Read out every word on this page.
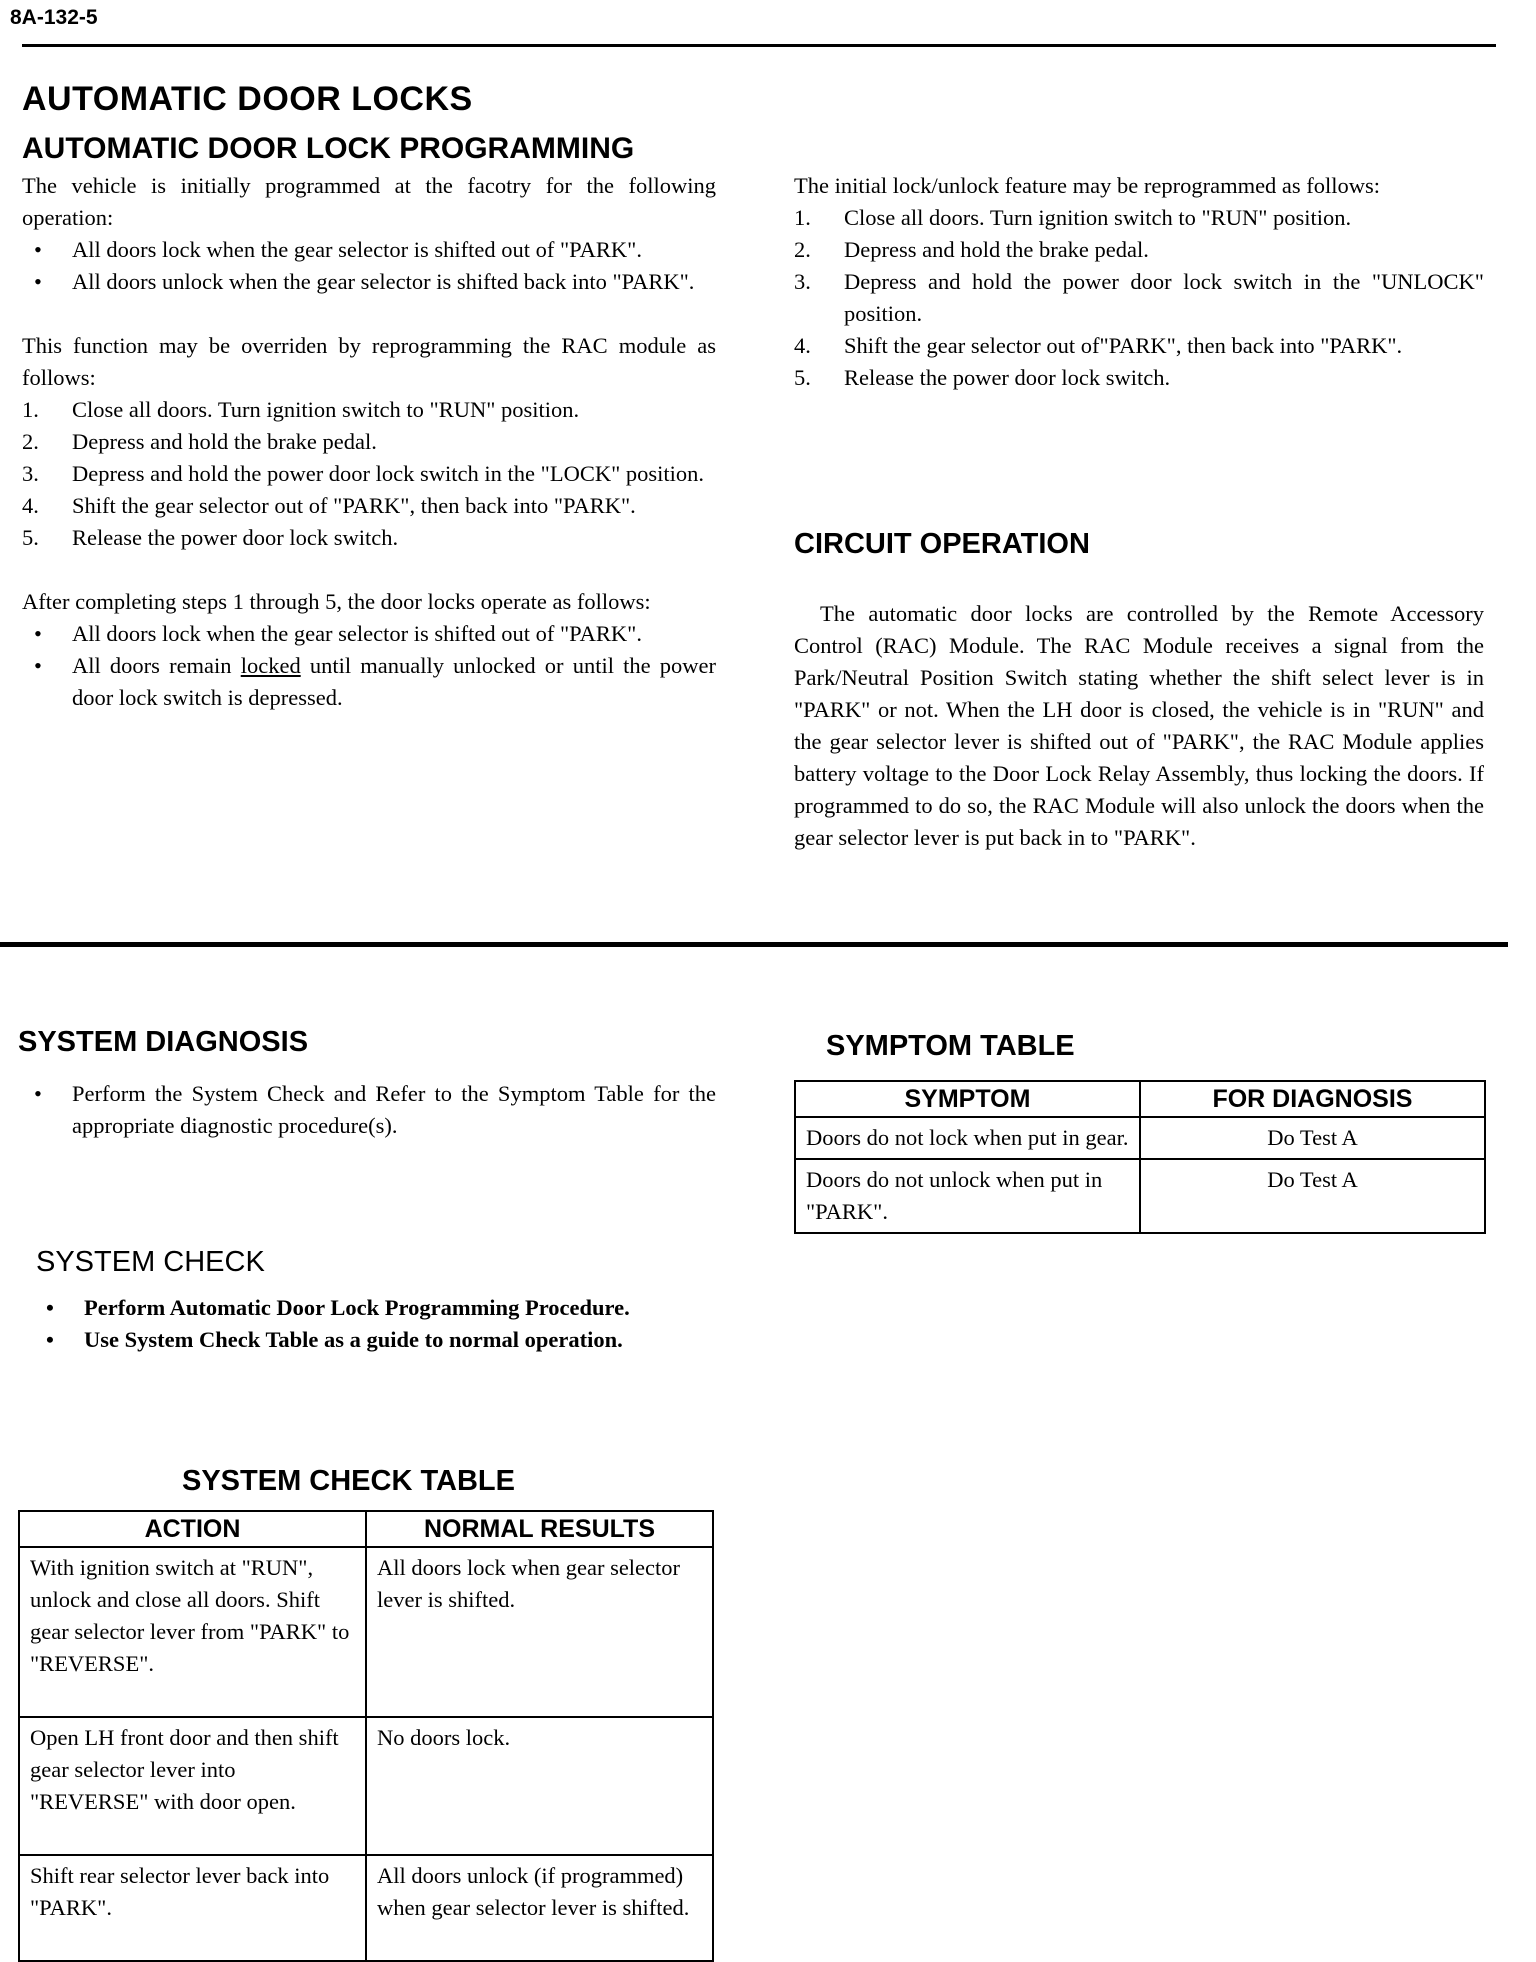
8A-132-5
AUTOMATIC DOOR LOCKS
AUTOMATIC DOOR LOCK PROGRAMMING

The vehicle is initially programmed at the facotry for the following operation:

• All doors lock when the gear selector is shifted out of "PARK".
• All doors unlock when the gear selector is shifted back into "PARK".

This function may be overriden by reprogramming the RAC module as follows:

1. Close all doors. Turn ignition switch to "RUN" position.
2. Depress and hold the brake pedal.
3. Depress and hold the power door lock switch in the "LOCK" position.
4. Shift the gear selector out of "PARK", then back into "PARK".
5. Release the power door lock switch.

After completing steps 1 through 5, the door locks operate as follows:

• All doors lock when the gear selector is shifted out of "PARK".
• All doors remain locked until manually unlocked or until the power door lock switch is depressed.

The initial lock/unlock feature may be reprogrammed as follows:

1. Close all doors. Turn ignition switch to "RUN" position.
2. Depress and hold the brake pedal.
3. Depress and hold the power door lock switch in the "UNLOCK" position.
4. Shift the gear selector out of"PARK", then back into "PARK".
5. Release the power door lock switch.
CIRCUIT OPERATION
The automatic door locks are controlled by the Remote Accessory Control (RAC) Module. The RAC Module receives a signal from the Park/Neutral Position Switch stating whether the shift select lever is in "PARK" or not. When the LH door is closed, the vehicle is in "RUN" and the gear selector lever is shifted out of "PARK", the RAC Module applies battery voltage to the Door Lock Relay Assembly, thus locking the doors. If programmed to do so, the RAC Module will also unlock the doors when the gear selector lever is put back in to "PARK".
SYSTEM DIAGNOSIS
• Perform the System Check and Refer to the Symptom Table for the appropriate diagnostic procedure(s).
SYSTEM CHECK
• Perform Automatic Door Lock Programming Procedure.
• Use System Check Table as a guide to normal operation.
SYSTEM CHECK TABLE
ACTION	NORMAL RESULTS
With ignition switch at "RUN", unlock and close all doors. Shift gear selector lever from "PARK" to "REVERSE".	All doors lock when gear selector lever is shifted.
Open LH front door and then shift gear selector lever into "REVERSE" with door open.	No doors lock.
Shift rear selector lever back into "PARK".	All doors unlock (if programmed) when gear selector lever is shifted.
SYMPTOM TABLE
SYMPTOM	FOR DIAGNOSIS
Doors do not lock when put in gear.	Do Test A
Doors do not unlock when put in "PARK".	Do Test A
